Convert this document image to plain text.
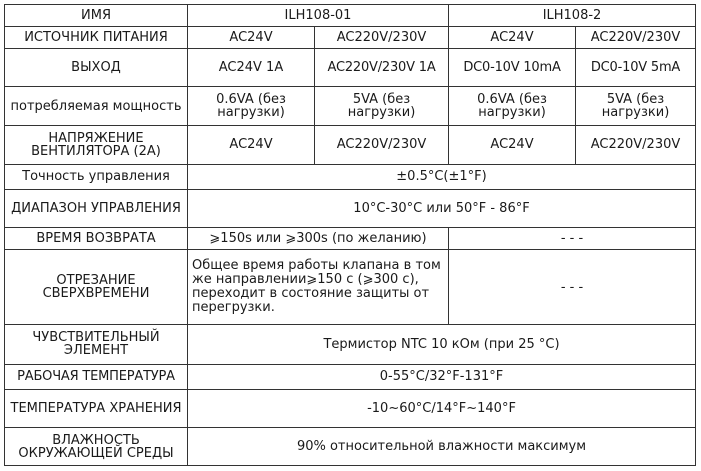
ИМЯ	ILH108-01		ILH108-2	
ИСТОЧНИК ПИТАНИЯ	AC24V	AC220V/230V	AC24V	AC220V/230V
ВЫХОД	AC24V 1A	AC220V/230V 1A	DC0-10V 10mA	DC0-10V 5mA
потребляемая мощность	0.6VA (без нагрузки)	5VA (без нагрузки)	0.6VA (без нагрузки)	5VA (без нагрузки)
НАПРЯЖЕНИЕ ВЕНТИЛЯТОРА (2A)	AC24V	AC220V/230V	AC24V	AC220V/230V
Точность управления	±0.5°C(±1°F)			
ДИАПАЗОН УПРАВЛЕНИЯ	10°C-30°C или 50°F - 86°F			
ВРЕМЯ ВОЗВРАТА	⩾150s или ⩾300s (по желанию)		- - -	
ОТРЕЗАНИЕ СВЕРХВРЕМЕНИ	Общее время работы клапана в том же направлении⩾150 с (⩾300 с), переходит в состояние защиты от перегрузки.		- - -	
ЧУВСТВИТЕЛЬНЫЙ ЭЛЕМЕНТ	Термистор NTC 10 кОм (при 25 °C)			
РАБОЧАЯ ТЕМПЕРАТУРА	0-55°C/32°F-131°F			
ТЕМПЕРАТУРА ХРАНЕНИЯ	-10~60°C/14°F~140°F			
ВЛАЖНОСТЬ ОКРУЖАЮЩЕЙ СРЕДЫ	90% относительной влажности максимум			
